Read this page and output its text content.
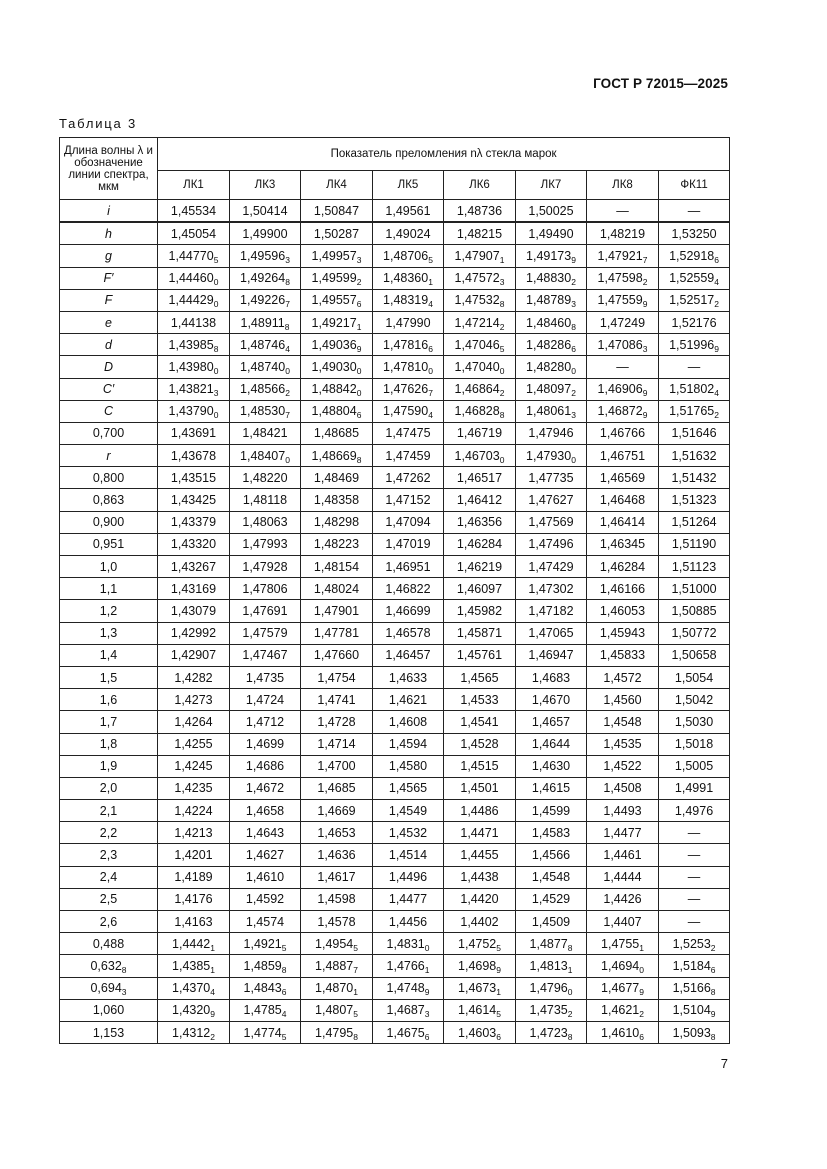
ГОСТ Р 72015—2025
Таблица 3
Длина волны λ и обозначение линии спектра, мкм	Показатель преломления nλ стекла марок							
	ЛК1	ЛК3	ЛК4	ЛК5	ЛК6	ЛК7	ЛК8	ФК11
i	1,45534	1,50414	1,50847	1,49561	1,48736	1,50025	—	—
h	1,45054	1,49900	1,50287	1,49024	1,48215	1,49490	1,48219	1,53250
g	$1,44770_5$	$1,49596_3$	$1,49957_3$	$1,48706_5$	$1,47907_1$	$1,49173_9$	$1,47921_7$	$1,52918_6$
F′	$1,44460_0$	$1,49264_8$	$1,49599_2$	$1,48360_1$	$1,47572_3$	$1,48830_2$	$1,47598_2$	$1,52559_4$
F	$1,44429_0$	$1,49226_7$	$1,49557_6$	$1,48319_4$	$1,47532_8$	$1,48789_3$	$1,47559_9$	$1,52517_2$
e	1,44138	$1,48911_8$	$1,49217_1$	1,47990	$1,47214_2$	$1,48460_8$	1,47249	1,52176
d	$1,43985_8$	$1,48746_4$	$1,49036_9$	$1,47816_6$	$1,47046_5$	$1,48286_6$	$1,47086_3$	$1,51996_9$
D	$1,43980_0$	$1,48740_0$	$1,49030_0$	$1,47810_0$	$1,47040_0$	$1,48280_0$	—	—
C′	$1,43821_3$	$1,48566_2$	$1,48842_0$	$1,47626_7$	$1,46864_2$	$1,48097_2$	$1,46906_9$	$1,51802_4$
C	$1,43790_0$	$1,48530_7$	$1,48804_6$	$1,47590_4$	$1,46828_8$	$1,48061_3$	$1,46872_9$	$1,51765_2$
0,700	1,43691	1,48421	1,48685	1,47475	1,46719	1,47946	1,46766	1,51646
r	1,43678	$1,48407_0$	$1,48669_8$	1,47459	$1,46703_0$	$1,47930_0$	1,46751	1,51632
0,800	1,43515	1,48220	1,48469	1,47262	1,46517	1,47735	1,46569	1,51432
0,863	1,43425	1,48118	1,48358	1,47152	1,46412	1,47627	1,46468	1,51323
0,900	1,43379	1,48063	1,48298	1,47094	1,46356	1,47569	1,46414	1,51264
0,951	1,43320	1,47993	1,48223	1,47019	1,46284	1,47496	1,46345	1,51190
1,0	1,43267	1,47928	1,48154	1,46951	1,46219	1,47429	1,46284	1,51123
1,1	1,43169	1,47806	1,48024	1,46822	1,46097	1,47302	1,46166	1,51000
1,2	1,43079	1,47691	1,47901	1,46699	1,45982	1,47182	1,46053	1,50885
1,3	1,42992	1,47579	1,47781	1,46578	1,45871	1,47065	1,45943	1,50772
1,4	1,42907	1,47467	1,47660	1,46457	1,45761	1,46947	1,45833	1,50658
1,5	1,4282	1,4735	1,4754	1,4633	1,4565	1,4683	1,4572	1,5054
1,6	1,4273	1,4724	1,4741	1,4621	1,4533	1,4670	1,4560	1,5042
1,7	1,4264	1,4712	1,4728	1,4608	1,4541	1,4657	1,4548	1,5030
1,8	1,4255	1,4699	1,4714	1,4594	1,4528	1,4644	1,4535	1,5018
1,9	1,4245	1,4686	1,4700	1,4580	1,4515	1,4630	1,4522	1,5005
2,0	1,4235	1,4672	1,4685	1,4565	1,4501	1,4615	1,4508	1,4991
2,1	1,4224	1,4658	1,4669	1,4549	1,4486	1,4599	1,4493	1,4976
2,2	1,4213	1,4643	1,4653	1,4532	1,4471	1,4583	1,4477	—
2,3	1,4201	1,4627	1,4636	1,4514	1,4455	1,4566	1,4461	—
2,4	1,4189	1,4610	1,4617	1,4496	1,4438	1,4548	1,4444	—
2,5	1,4176	1,4592	1,4598	1,4477	1,4420	1,4529	1,4426	—
2,6	1,4163	1,4574	1,4578	1,4456	1,4402	1,4509	1,4407	—
0,488	$1,4442_1$	$1,4921_5$	$1,4954_5$	$1,4831_0$	$1,4752_5$	$1,4877_8$	$1,4755_1$	$1,5253_2$
$0,632_8$	$1,4385_1$	$1,4859_8$	$1,4887_7$	$1,4766_1$	$1,4698_9$	$1,4813_1$	$1,4694_0$	$1,5184_6$
$0,694_3$	$1,4370_4$	$1,4843_6$	$1,4870_1$	$1,4748_9$	$1,4673_1$	$1,4796_0$	$1,4677_9$	$1,5166_8$
1,060	$1,4320_9$	$1,4785_4$	$1,4807_5$	$1,4687_3$	$1,4614_5$	$1,4735_2$	$1,4621_2$	$1,5104_9$
1,153	$1,4312_2$	$1,4774_5$	$1,4795_8$	$1,4675_6$	$1,4603_6$	$1,4723_8$	$1,4610_6$	$1,5093_8$
7
